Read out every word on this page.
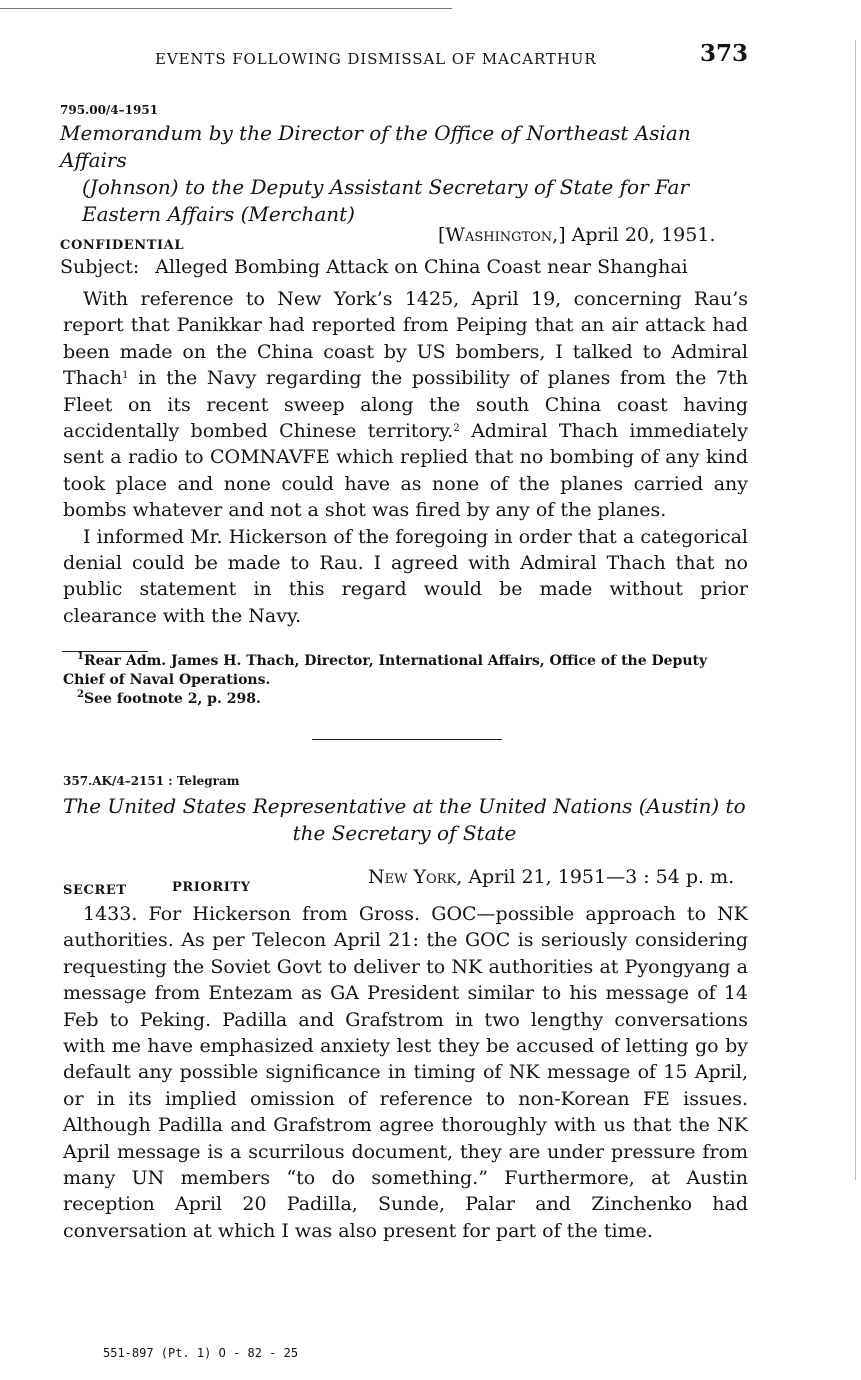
EVENTS FOLLOWING DISMISSAL OF MACARTHUR	373
795.00/4–1951
Memorandum by the Director of the Office of Northeast Asian Affairs
(Johnson) to the Deputy Assistant Secretary of State for Far
Eastern Affairs (Merchant)
CONFIDENTIAL	[Washington,] April 20, 1951.
Subject: Alleged Bombing Attack on China Coast near Shanghai

With reference to New York’s 1425, April 19, concerning Rau’s report that Panikkar had reported from Peiping that an air attack had been made on the China coast by US bombers, I talked to Admiral Thach$^1$ in the Navy regarding the possibility of planes from the 7th Fleet on its recent sweep along the south China coast having accidentally bombed Chinese territory.$^2$ Admiral Thach immediately sent a radio to COMNAVFE which replied that no bombing of any kind took place and none could have as none of the planes carried any bombs whatever and not a shot was fired by any of the planes.

I informed Mr. Hickerson of the foregoing in order that a categorical denial could be made to Rau. I agreed with Admiral Thach that no public statement in this regard would be made without prior clearance with the Navy.

$^1$Rear Adm. James H. Thach, Director, International Affairs, Office of the Deputy Chief of Naval Operations.

$^2$See footnote 2, p. 298.

357.AK/4–2151 : Telegram
The United States Representative at the United Nations (Austin) to
the Secretary of State
SECRET	PRIORITY	New York, April 21, 1951—3 : 54 p. m.

1433. For Hickerson from Gross. GOC—possible approach to NK authorities. As per Telecon April 21: the GOC is seriously considering requesting the Soviet Govt to deliver to NK authorities at Pyongyang a message from Entezam as GA President similar to his message of 14 Feb to Peking. Padilla and Grafstrom in two lengthy conversations with me have emphasized anxiety lest they be accused of letting go by default any possible significance in timing of NK message of 15 April, or in its implied omission of reference to non-Korean FE issues. Although Padilla and Grafstrom agree thoroughly with us that the NK April message is a scurrilous document, they are under pressure from many UN members “to do something.” Furthermore, at Austin reception April 20 Padilla, Sunde, Palar and Zinchenko had conversation at which I was also present for part of the time.

551-897 (Pt. 1) O - 82 - 25
